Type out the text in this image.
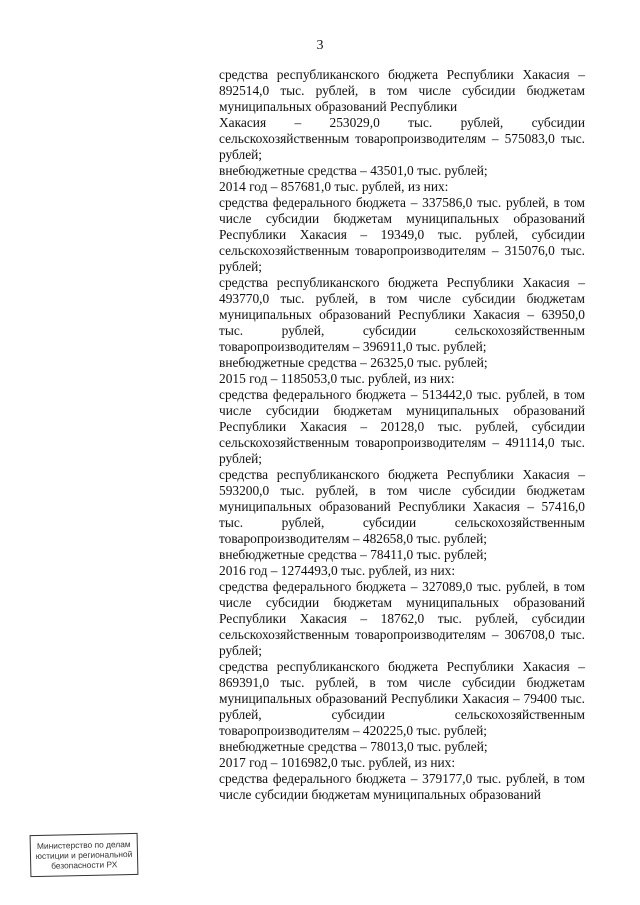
3

средства республиканского бюджета Республики Хакасия – 892514,0 тыс. рублей, в том числе субсидии бюджетам муниципальных образований Республики

Хакасия – 253029,0 тыс. рублей, субсидии сельскохозяйственным товаропроизводителям – 575083,0 тыс. рублей;

внебюджетные средства – 43501,0 тыс. рублей;

2014 год – 857681,0 тыс. рублей, из них:

средства федерального бюджета – 337586,0 тыс. рублей, в том числе субсидии бюджетам муниципальных образований Республики Хакасия – 19349,0 тыс. рублей, субсидии сельскохозяйственным товаропроизводителям – 315076,0 тыс. рублей;

средства республиканского бюджета Республики Хакасия – 493770,0 тыс. рублей, в том числе субсидии бюджетам муниципальных образований Республики Хакасия – 63950,0 тыс. рублей, субсидии сельскохозяйственным товаропроизводителям – 396911,0 тыс. рублей;

внебюджетные средства – 26325,0 тыс. рублей;

2015 год – 1185053,0 тыс. рублей, из них:

средства федерального бюджета – 513442,0 тыс. рублей, в том числе субсидии бюджетам муниципальных образований Республики Хакасия – 20128,0 тыс. рублей, субсидии сельскохозяйственным товаропроизводителям – 491114,0 тыс. рублей;

средства республиканского бюджета Республики Хакасия – 593200,0 тыс. рублей, в том числе субсидии бюджетам муниципальных образований Республики Хакасия – 57416,0 тыс. рублей, субсидии сельскохозяйственным товаропроизводителям – 482658,0 тыс. рублей;

внебюджетные средства – 78411,0 тыс. рублей;

2016 год – 1274493,0 тыс. рублей, из них:

средства федерального бюджета – 327089,0 тыс. рублей, в том числе субсидии бюджетам муниципальных образований Республики Хакасия – 18762,0 тыс. рублей, субсидии сельскохозяйственным товаропроизводителям – 306708,0 тыс. рублей;

средства республиканского бюджета Республики Хакасия – 869391,0 тыс. рублей, в том числе субсидии бюджетам муниципальных образований Республики Хакасия – 79400 тыс. рублей, субсидии сельскохозяйственным товаропроизводителям – 420225,0 тыс. рублей;

внебюджетные средства – 78013,0 тыс. рублей;

2017 год – 1016982,0 тыс. рублей, из них:

средства федерального бюджета – 379177,0 тыс. рублей, в том числе субсидии бюджетам муниципальных образований

Министерство по делам
юстиции и региональной
безопасности РХ
